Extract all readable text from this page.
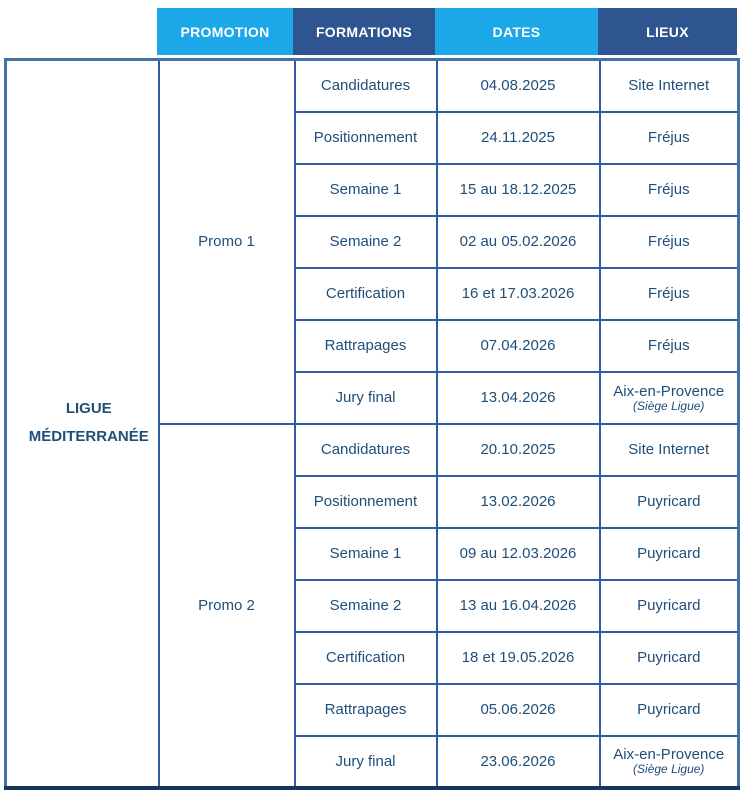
PROMOTION	FORMATIONS	DATES	LIEUX
LIGUE
MÉDITERRANÉE	Promo 1	Candidatures	04.08.2025	Site Internet
		Positionnement	24.11.2025	Fréjus
		Semaine 1	15 au 18.12.2025	Fréjus
		Semaine 2	02 au 05.02.2026	Fréjus
		Certification	16 et 17.03.2026	Fréjus
		Rattrapages	07.04.2026	Fréjus
		Jury final	13.04.2026	Aix-en-Provence
(Siège Ligue)

	Promo 2	Candidatures	20.10.2025	Site Internet
		Positionnement	13.02.2026	Puyricard
		Semaine 1	09 au 12.03.2026	Puyricard
		Semaine 2	13 au 16.04.2026	Puyricard
		Certification	18 et 19.05.2026	Puyricard
		Rattrapages	05.06.2026	Puyricard
		Jury final	23.06.2026	Aix-en-Provence
(Siège Ligue)
